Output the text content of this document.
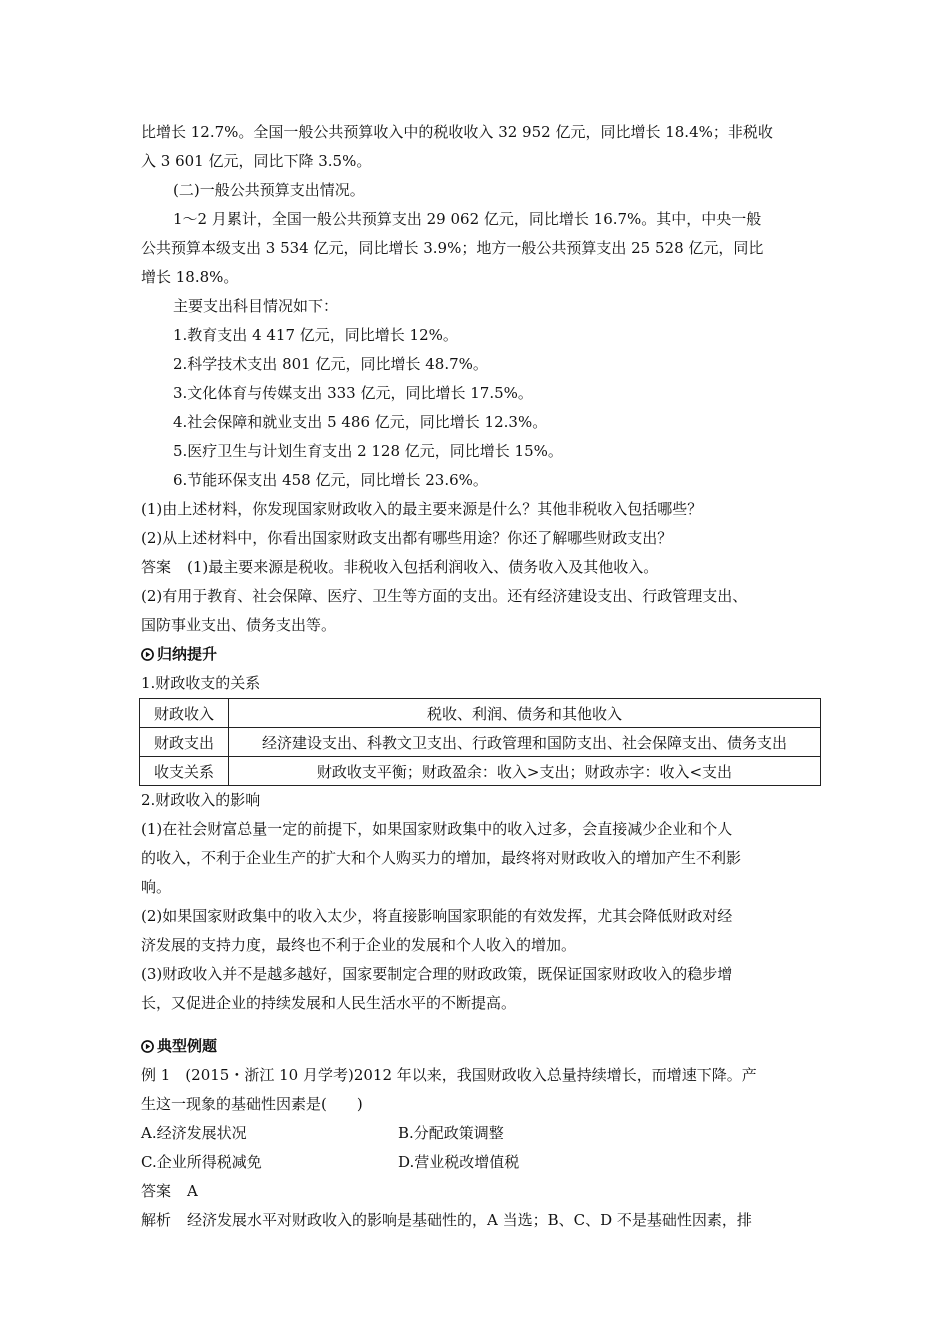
比增长 12.7%。全国一般公共预算收入中的税收收入 32 952 亿元，同比增长 18.4%；非税收
入 3 601 亿元，同比下降 3.5%。
(二)一般公共预算支出情况。
1～2 月累计，全国一般公共预算支出 29 062 亿元，同比增长 16.7%。其中，中央一般
公共预算本级支出 3 534 亿元，同比增长 3.9%；地方一般公共预算支出 25 528 亿元，同比
增长 18.8%。
主要支出科目情况如下：
1.教育支出 4 417 亿元，同比增长 12%。
2.科学技术支出 801 亿元，同比增长 48.7%。
3.文化体育与传媒支出 333 亿元，同比增长 17.5%。
4.社会保障和就业支出 5 486 亿元，同比增长 12.3%。
5.医疗卫生与计划生育支出 2 128 亿元，同比增长 15%。
6.节能环保支出 458 亿元，同比增长 23.6%。
(1)由上述材料，你发现国家财政收入的最主要来源是什么？其他非税收入包括哪些？
(2)从上述材料中，你看出国家财政支出都有哪些用途？你还了解哪些财政支出？
答案 (1)最主要来源是税收。非税收入包括利润收入、债务收入及其他收入。
(2)有用于教育、社会保障、医疗、卫生等方面的支出。还有经济建设支出、行政管理支出、
国防事业支出、债务支出等。
归纳提升
1.财政收支的关系
财政收入	税收、利润、债务和其他收入
财政支出	经济建设支出、科教文卫支出、行政管理和国防支出、社会保障支出、债务支出
收支关系	财政收支平衡；财政盈余：收入>支出；财政赤字：收入<支出
2.财政收入的影响
(1)在社会财富总量一定的前提下，如果国家财政集中的收入过多，会直接减少企业和个人
的收入，不利于企业生产的扩大和个人购买力的增加，最终将对财政收入的增加产生不利影
响。
(2)如果国家财政集中的收入太少，将直接影响国家职能的有效发挥，尤其会降低财政对经
济发展的支持力度，最终也不利于企业的发展和个人收入的增加。
(3)财政收入并不是越多越好，国家要制定合理的财政政策，既保证国家财政收入的稳步增
长，又促进企业的持续发展和人民生活水平的不断提高。
典型例题
例 1　(2015・浙江 10 月学考)2012 年以来，我国财政收入总量持续增长，而增速下降。产
生这一现象的基础性因素是(　　)
A.经济发展状况	B.分配政策调整
C.企业所得税减免	D.营业税改增值税
答案 A
解析 经济发展水平对财政收入的影响是基础性的，A 当选；B、C、D 不是基础性因素，排
